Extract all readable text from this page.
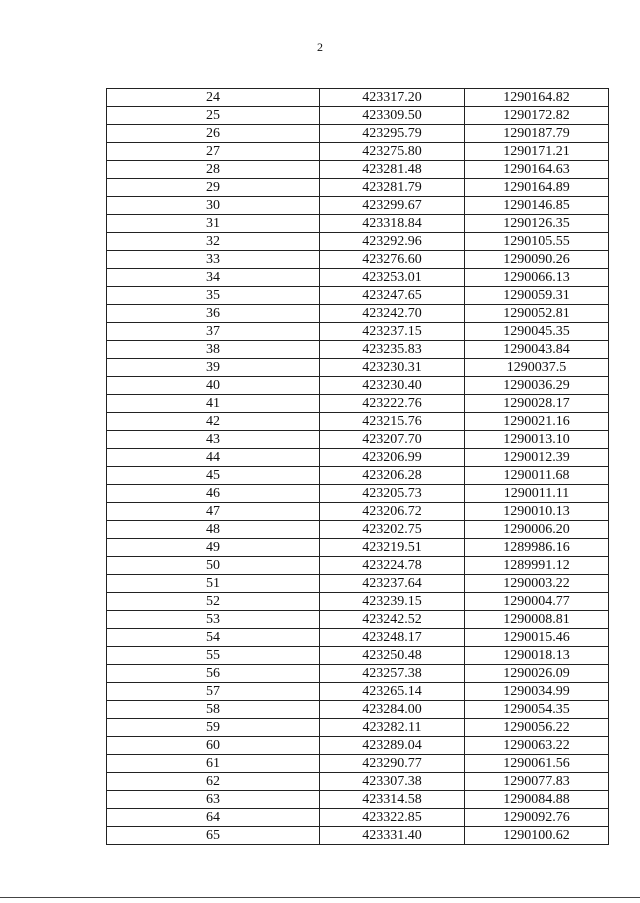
2
24	423317.20	1290164.82
25	423309.50	1290172.82
26	423295.79	1290187.79
27	423275.80	1290171.21
28	423281.48	1290164.63
29	423281.79	1290164.89
30	423299.67	1290146.85
31	423318.84	1290126.35
32	423292.96	1290105.55
33	423276.60	1290090.26
34	423253.01	1290066.13
35	423247.65	1290059.31
36	423242.70	1290052.81
37	423237.15	1290045.35
38	423235.83	1290043.84
39	423230.31	1290037.5
40	423230.40	1290036.29
41	423222.76	1290028.17
42	423215.76	1290021.16
43	423207.70	1290013.10
44	423206.99	1290012.39
45	423206.28	1290011.68
46	423205.73	1290011.11
47	423206.72	1290010.13
48	423202.75	1290006.20
49	423219.51	1289986.16
50	423224.78	1289991.12
51	423237.64	1290003.22
52	423239.15	1290004.77
53	423242.52	1290008.81
54	423248.17	1290015.46
55	423250.48	1290018.13
56	423257.38	1290026.09
57	423265.14	1290034.99
58	423284.00	1290054.35
59	423282.11	1290056.22
60	423289.04	1290063.22
61	423290.77	1290061.56
62	423307.38	1290077.83
63	423314.58	1290084.88
64	423322.85	1290092.76
65	423331.40	1290100.62
